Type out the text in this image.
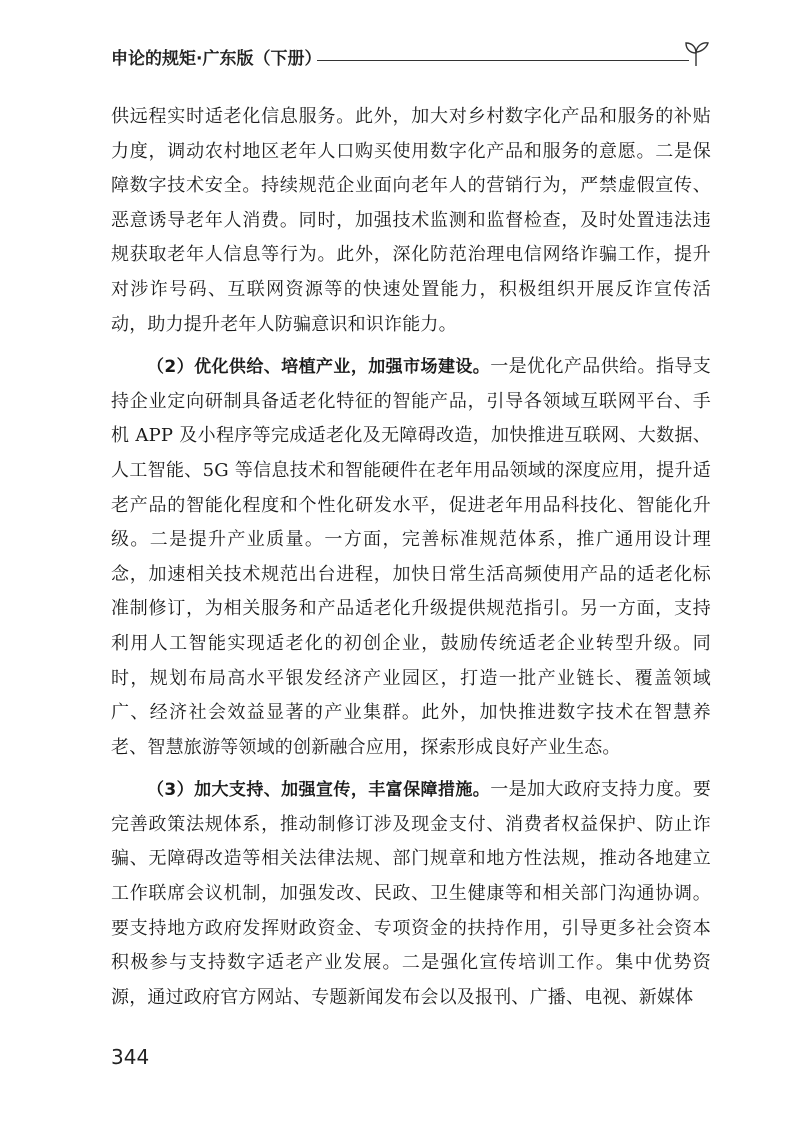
申论的规矩·广东版（下册）

供远程实时适老化信息服务。此外，加大对乡村数字化产品和服务的补贴力度，调动农村地区老年人口购买使用数字化产品和服务的意愿。二是保障数字技术安全。持续规范企业面向老年人的营销行为，严禁虚假宣传、恶意诱导老年人消费。同时，加强技术监测和监督检查，及时处置违法违规获取老年人信息等行为。此外，深化防范治理电信网络诈骗工作，提升对涉诈号码、互联网资源等的快速处置能力，积极组织开展反诈宣传活动，助力提升老年人防骗意识和识诈能力。

（2）优化供给、培植产业，加强市场建设。一是优化产品供给。指导支持企业定向研制具备适老化特征的智能产品，引导各领域互联网平台、手机 APP 及小程序等完成适老化及无障碍改造，加快推进互联网、大数据、人工智能、5G 等信息技术和智能硬件在老年用品领域的深度应用，提升适老产品的智能化程度和个性化研发水平，促进老年用品科技化、智能化升级。二是提升产业质量。一方面，完善标准规范体系，推广通用设计理念，加速相关技术规范出台进程，加快日常生活高频使用产品的适老化标准制修订，为相关服务和产品适老化升级提供规范指引。另一方面，支持利用人工智能实现适老化的初创企业，鼓励传统适老企业转型升级。同时，规划布局高水平银发经济产业园区，打造一批产业链长、覆盖领域广、经济社会效益显著的产业集群。此外，加快推进数字技术在智慧养老、智慧旅游等领域的创新融合应用，探索形成良好产业生态。

（3）加大支持、加强宣传，丰富保障措施。一是加大政府支持力度。要完善政策法规体系，推动制修订涉及现金支付、消费者权益保护、防止诈骗、无障碍改造等相关法律法规、部门规章和地方性法规，推动各地建立工作联席会议机制，加强发改、民政、卫生健康等和相关部门沟通协调。要支持地方政府发挥财政资金、专项资金的扶持作用，引导更多社会资本积极参与支持数字适老产业发展。二是强化宣传培训工作。集中优势资源，通过政府官方网站、专题新闻发布会以及报刊、广播、电视、新媒体

344
